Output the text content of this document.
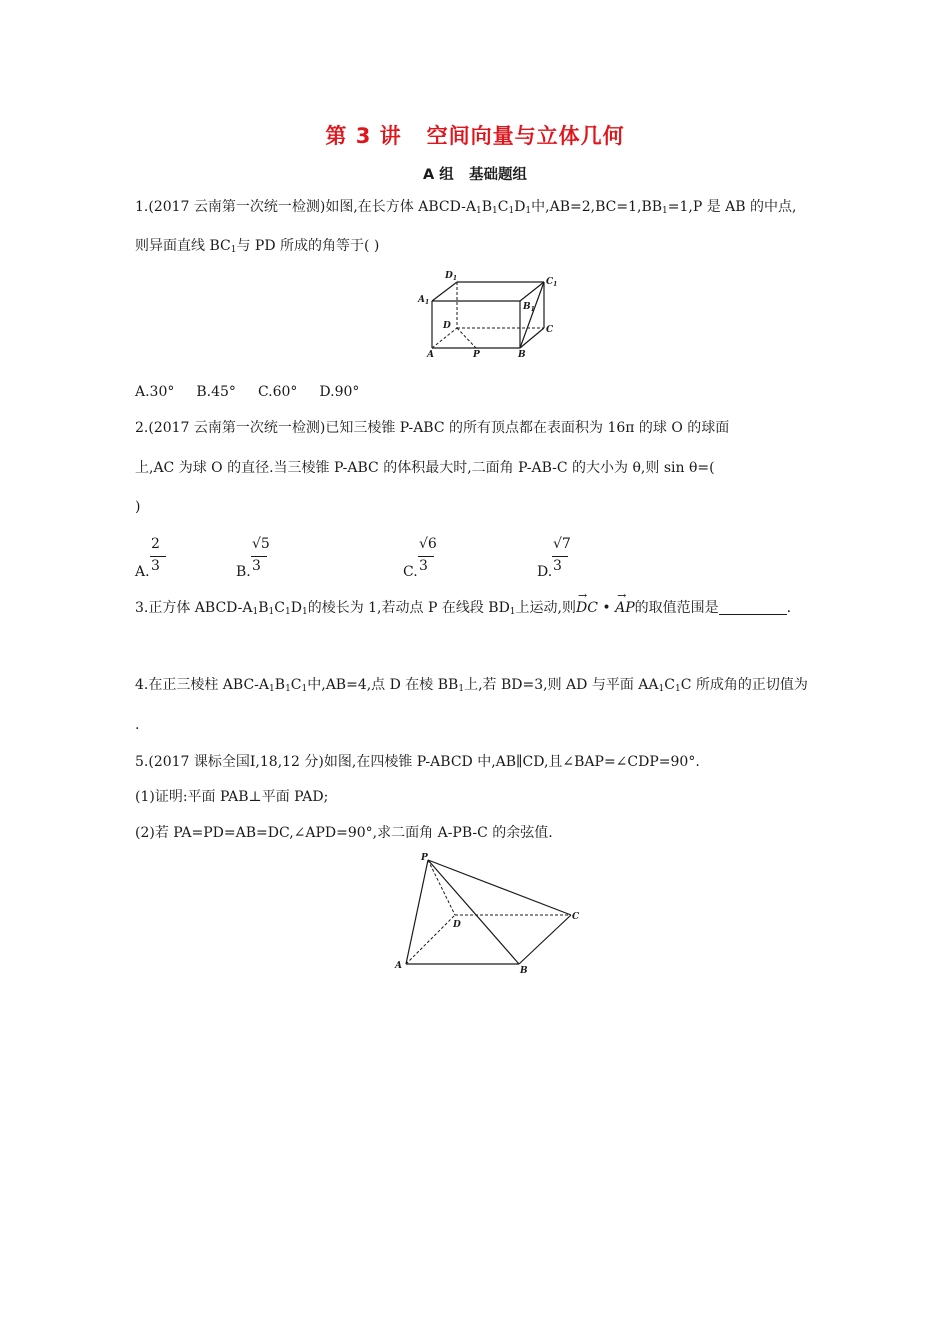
第 3 讲   空间向量与立体几何
A 组   基础题组
1.(2017 云南第一次统一检测)如图,在长方体 ABCD-$A_1B_1C_1D_1$中$,AB=2,BC=1,BB_1=1,P$ 是 AB 的中点,
则异面直线 $BC_1$与 PD 所成的角等于( )
$D_1$	$C_1$
$A_1$	$B_1$
D	C
A	P	B
A.30° B.45° C.60° D.90°
2.(2017 云南第一次统一检测)已知三棱锥 P-ABC 的所有顶点都在表面积为 16π 的球 O 的球面
上,AC 为球 O 的直径.当三棱锥 P-ABC 的体积最大时,二面角 P-AB-C 的大小为 θ,则 sin θ=(
)
2
3
A.
√5
3
B.
√6
3
C.
√7
3
D.
3.正方体 ABCD-$A_1B_1C_1D_1$的棱长为 1,若动点 P 在线段 $BD_1$上运动,则→ DC • → AP的取值范围是	.
4.在正三棱柱 ABC-$A_1B_1C_1$中,AB=4,点 D 在棱 $BB_1$上,若 BD=3,则 AD 与平面 $AA_1C_1C$ 所成角的正切值为
.
5.(2017 课标全国Ⅰ,18,12 分)如图,在四棱锥 P-ABCD 中,AB∥CD,且∠BAP=∠CDP=90°.
(1)证明:平面 PAB⊥平面 PAD;
(2)若 PA=PD=AB=DC,∠APD=90°,求二面角 A-PB-C 的余弦值.
P
D
C
A	B
